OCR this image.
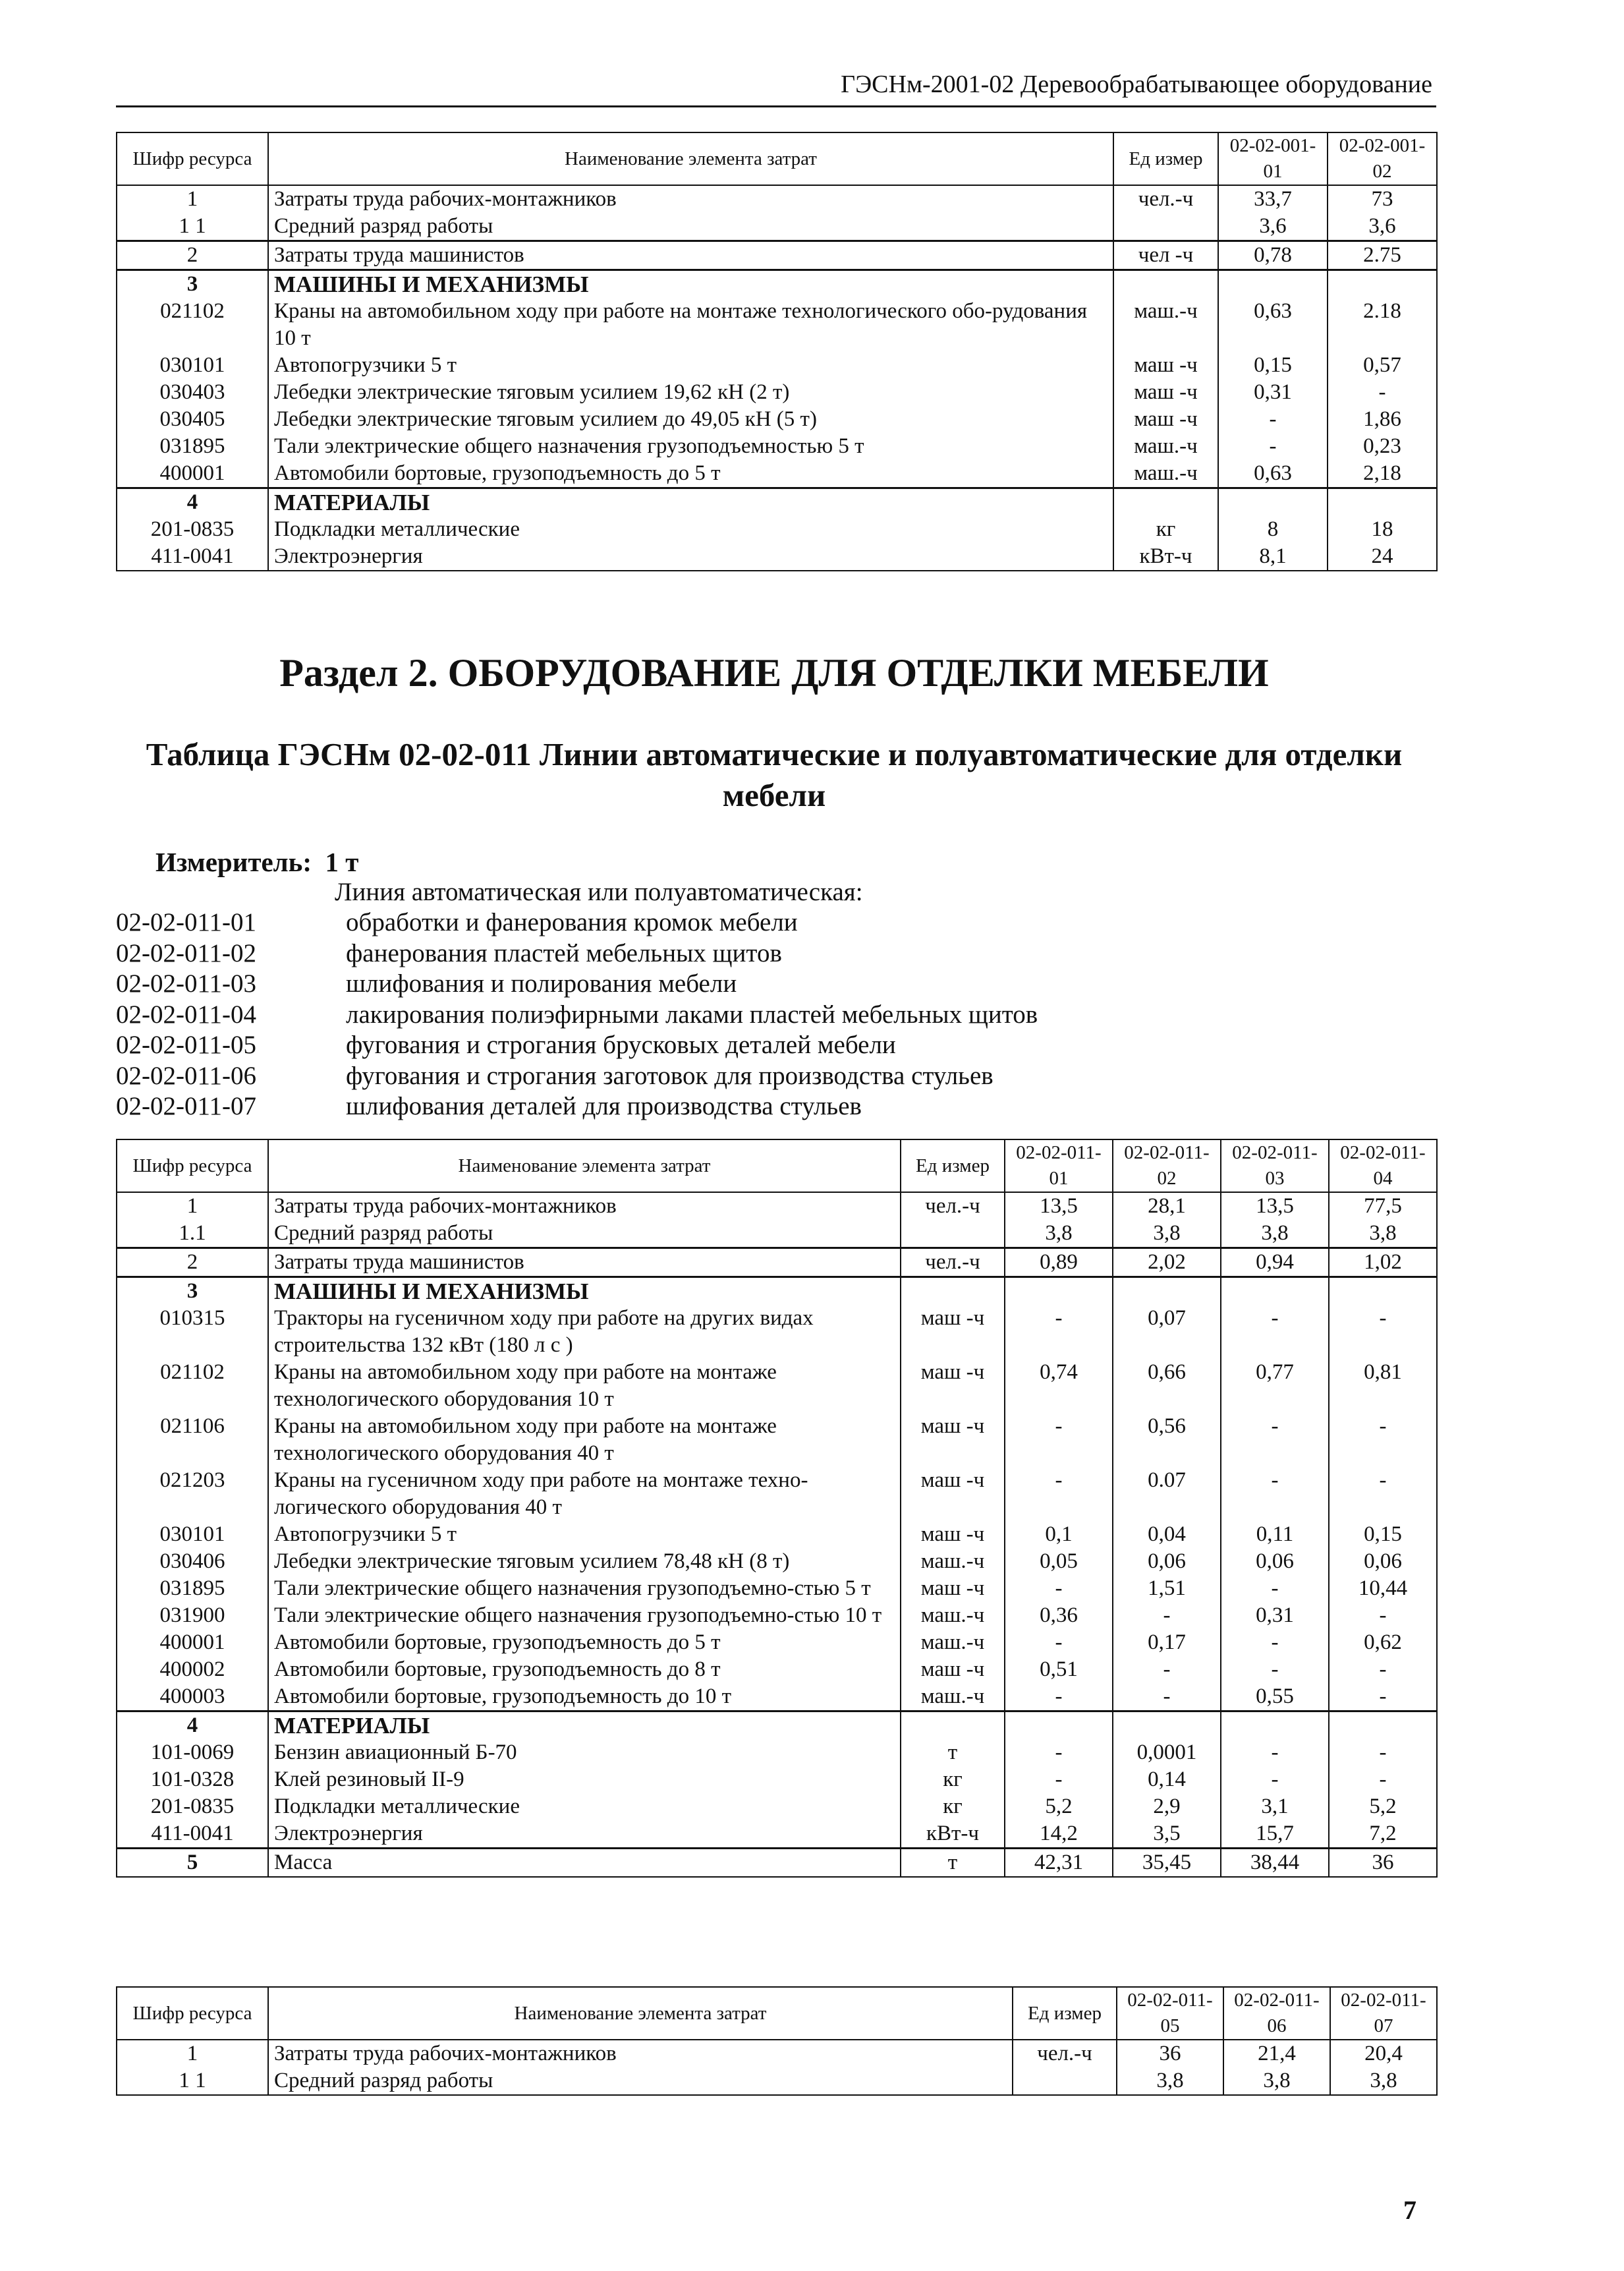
ГЭСНм-2001-02 Деревообрабатывающее оборудование
Шифр ресурса	Наименование элемента затрат	Ед измер	02-02-001-01	02-02-001-02
1	Затраты труда рабочих-монтажников	чел.-ч	33,7	73
1 1	Средний разряд работы		3,6	3,6
2	Затраты труда машинистов	чел -ч	0,78	2.75
3	МАШИНЫ И МЕХАНИЗМЫ			
021102	Краны на автомобильном ходу при работе на монтаже технологического обо-рудования 10 т	маш.-ч	0,63	2.18
030101	Автопогрузчики 5 т	маш -ч	0,15	0,57
030403	Лебедки электрические тяговым усилием 19,62 кН (2 т)	маш -ч	0,31	-
030405	Лебедки электрические тяговым усилием до 49,05 кН (5 т)	маш -ч	-	1,86
031895	Тали электрические общего назначения грузоподъемностью 5 т	маш.-ч	-	0,23
400001	Автомобили бортовые, грузоподъемность до 5 т	маш.-ч	0,63	2,18
4	МАТЕРИАЛЫ			
201-0835	Подкладки металлические	кг	8	18
411-0041	Электроэнергия	кВт-ч	8,1	24
Раздел 2. ОБОРУДОВАНИЕ ДЛЯ ОТДЕЛКИ МЕБЕЛИ
Таблица ГЭСНм 02-02-011 Линии автоматические и полуавтоматические для отделки
мебели
Измеритель: 1 т
Линия автоматическая или полуавтоматическая:
02-02-011-01	обработки и фанерования кромок мебели
02-02-011-02	фанерования пластей мебельных щитов
02-02-011-03	шлифования и полирования мебели
02-02-011-04	лакирования полиэфирными лаками пластей мебельных щитов
02-02-011-05	фугования и строгания брусковых деталей мебели
02-02-011-06	фугования и строгания заготовок для производства стульев
02-02-011-07	шлифования деталей для производства стульев
Шифр ресурса	Наименование элемента затрат	Ед измер	02-02-011-01	02-02-011-02	02-02-011-03	02-02-011-04
1	Затраты труда рабочих-монтажников	чел.-ч	13,5	28,1	13,5	77,5
1.1	Средний разряд работы		3,8	3,8	3,8	3,8
2	Затраты труда машинистов	чел.-ч	0,89	2,02	0,94	1,02
3	МАШИНЫ И МЕХАНИЗМЫ					
010315	Тракторы на гусеничном ходу при работе на других видах строительства 132 кВт (180 л с )	маш -ч	-	0,07	-	-
021102	Краны на автомобильном ходу при работе на монтаже технологического оборудования 10 т	маш -ч	0,74	0,66	0,77	0,81
021106	Краны на автомобильном ходу при работе на монтаже технологического оборудования 40 т	маш -ч	-	0,56	-	-
021203	Краны на гусеничном ходу при работе на монтаже техно-логического оборудования 40 т	маш -ч	-	0.07	-	-
030101	Автопогрузчики 5 т	маш -ч	0,1	0,04	0,11	0,15
030406	Лебедки электрические тяговым усилием 78,48 кН (8 т)	маш.-ч	0,05	0,06	0,06	0,06
031895	Тали электрические общего назначения грузоподъемно-стью 5 т	маш -ч	-	1,51	-	10,44
031900	Тали электрические общего назначения грузоподъемно-стью 10 т	маш.-ч	0,36	-	0,31	-
400001	Автомобили бортовые, грузоподъемность до 5 т	маш.-ч	-	0,17	-	0,62
400002	Автомобили бортовые, грузоподъемность до 8 т	маш -ч	0,51	-	-	-
400003	Автомобили бортовые, грузоподъемность до 10 т	маш.-ч	-	-	0,55	-
4	МАТЕРИАЛЫ					
101-0069	Бензин авиационный Б-70	т	-	0,0001	-	-
101-0328	Клей резиновый II-9	кг	-	0,14	-	-
201-0835	Подкладки металлические	кг	5,2	2,9	3,1	5,2
411-0041	Электроэнергия	кВт-ч	14,2	3,5	15,7	7,2
5	Масса	т	42,31	35,45	38,44	36
Шифр ресурса	Наименование элемента затрат	Ед измер	02-02-011-05	02-02-011-06	02-02-011-07
1	Затраты труда рабочих-монтажников	чел.-ч	36	21,4	20,4
1 1	Средний разряд работы		3,8	3,8	3,8
7
